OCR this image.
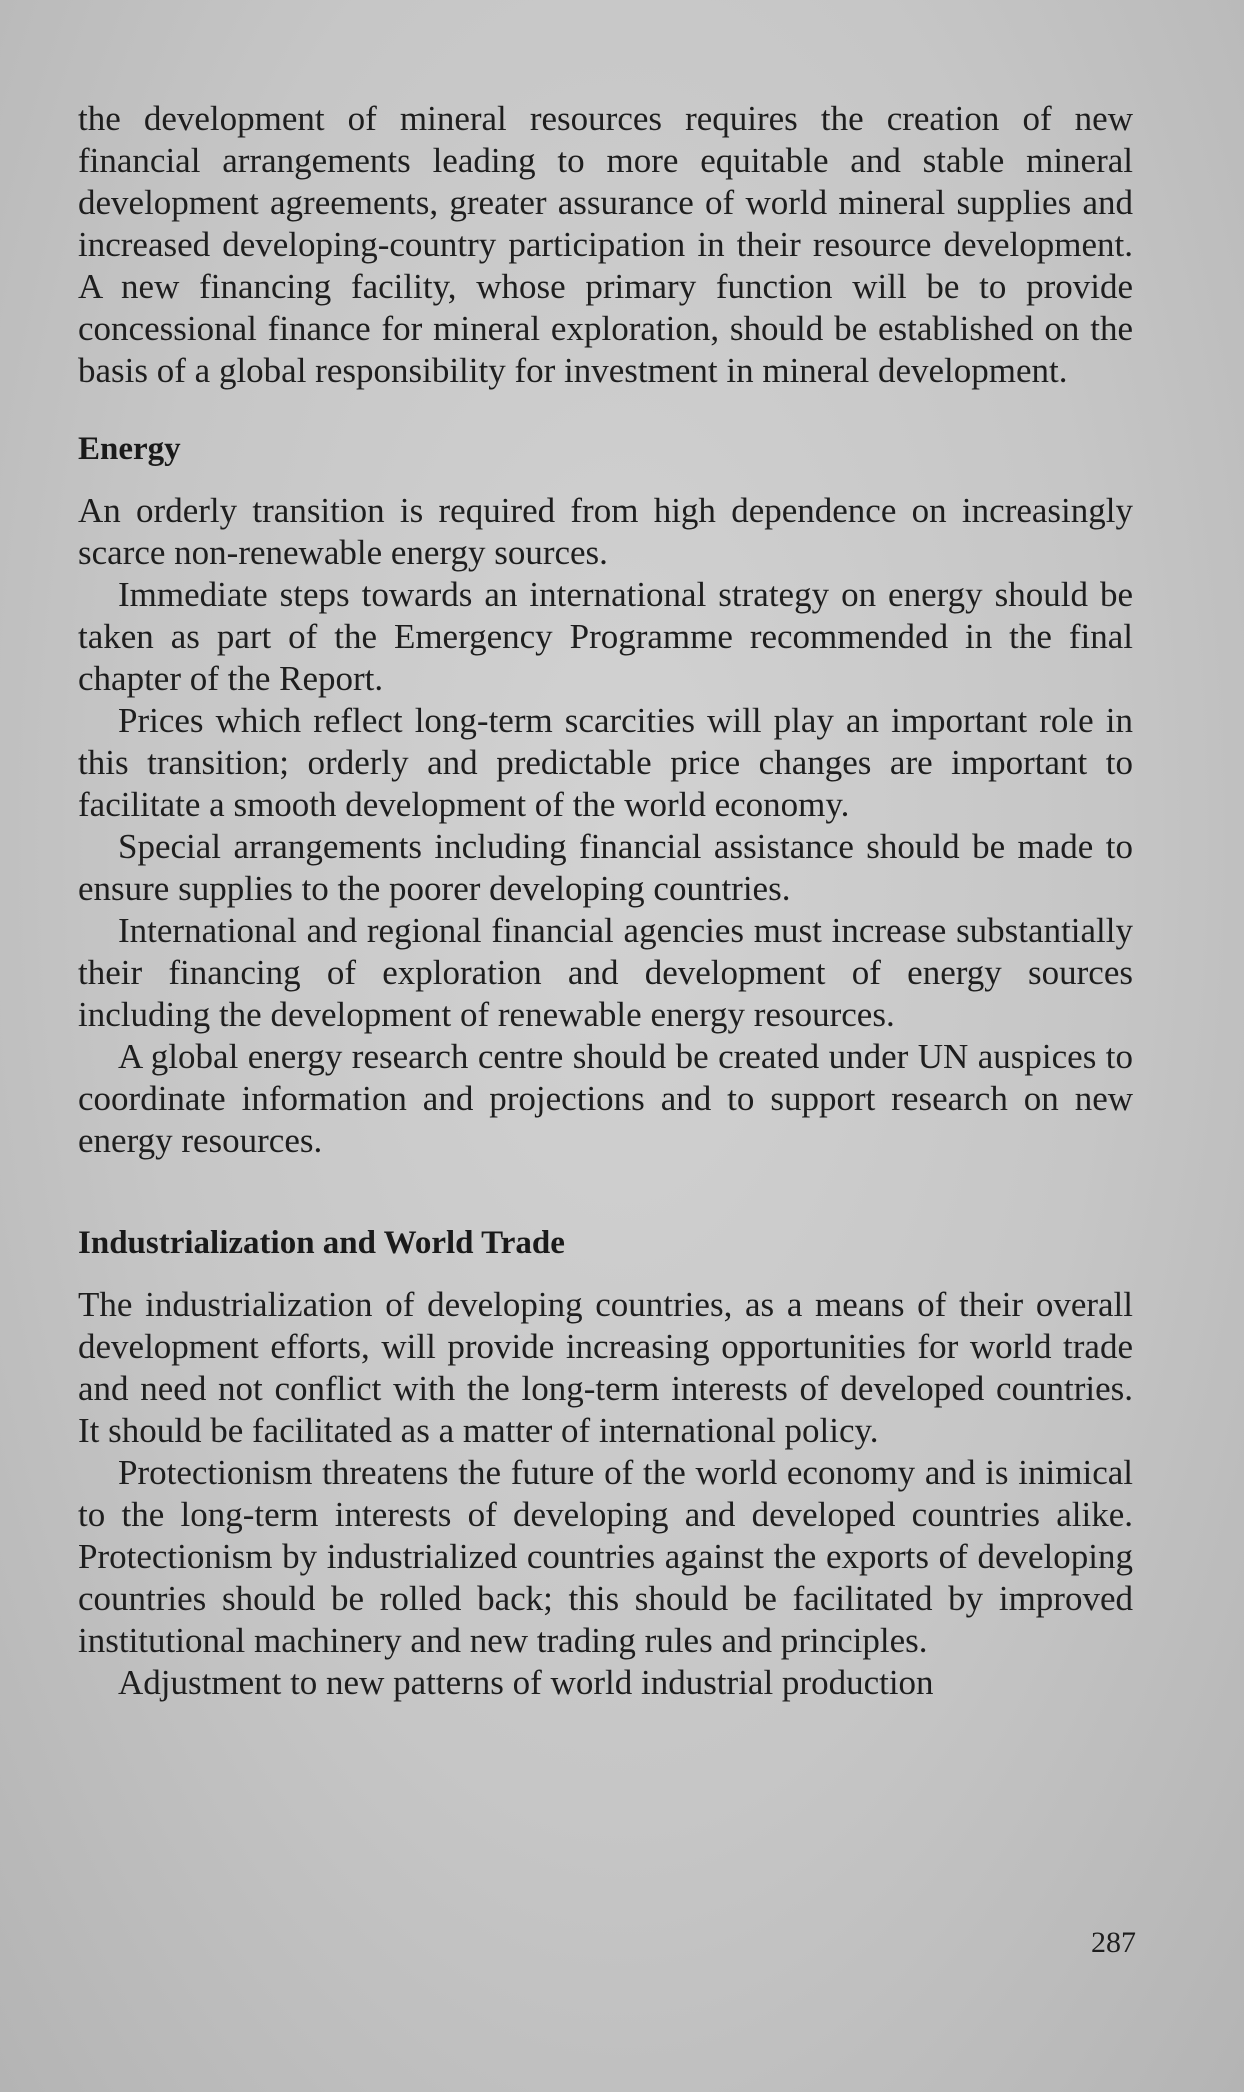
the development of mineral resources requires the creation of new financial arrangements leading to more equitable and stable mineral development agreements, greater assurance of world mineral supplies and increased developing-country participation in their resource development. A new financing facility, whose primary function will be to provide concessional finance for mineral exploration, should be established on the basis of a global responsibility for investment in mineral development.

Energy

An orderly transition is required from high dependence on increasingly scarce non-renewable energy sources.

Immediate steps towards an international strategy on energy should be taken as part of the Emergency Programme recommended in the final chapter of the Report.

Prices which reflect long-term scarcities will play an important role in this transition; orderly and predictable price changes are important to facilitate a smooth development of the world economy.

Special arrangements including financial assistance should be made to ensure supplies to the poorer developing countries.

International and regional financial agencies must increase substantially their financing of exploration and development of energy sources including the development of renewable energy resources.

A global energy research centre should be created under UN auspices to coordinate information and projections and to support research on new energy resources.

Industrialization and World Trade

The industrialization of developing countries, as a means of their overall development efforts, will provide increasing opportunities for world trade and need not conflict with the long-term interests of developed countries. It should be facilitated as a matter of international policy.

Protectionism threatens the future of the world economy and is inimical to the long-term interests of developing and developed countries alike. Protectionism by industrialized countries against the exports of developing countries should be rolled back; this should be facilitated by improved institutional machinery and new trading rules and principles.

Adjustment to new patterns of world industrial production

287
